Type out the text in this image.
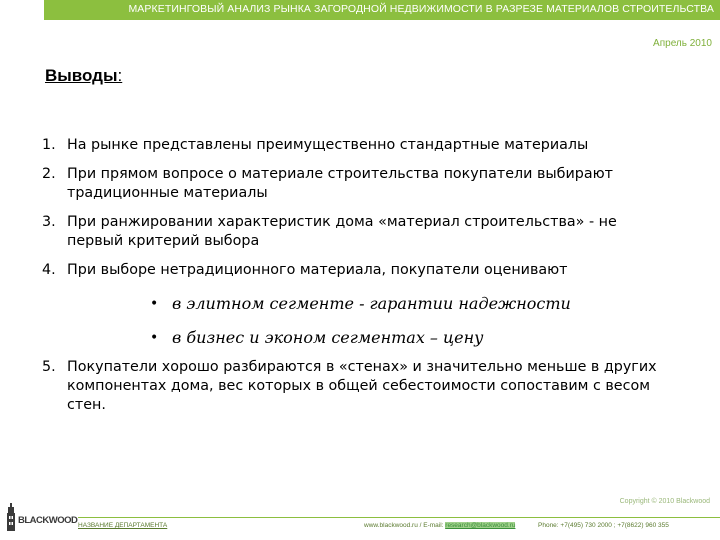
МАРКЕТИНГОВЫЙ АНАЛИЗ РЫНКА ЗАГОРОДНОЙ НЕДВИЖИМОСТИ В РАЗРЕЗЕ МАТЕРИАЛОВ СТРОИТЕЛЬСТВА
Апрель 2010
Выводы:
1. На рынке представлены преимущественно стандартные материалы
2. При прямом вопросе о материале строительства покупатели выбирают традиционные материалы
3. При ранжировании характеристик дома «материал строительства» - не первый критерий выбора
4. При выборе нетрадиционного материала, покупатели оценивают
• в элитном сегменте - гарантии надежности
• в бизнес и эконом сегментах – цену
5. Покупатели хорошо разбираются в «стенах» и значительно меньше в других компонентах дома, вес которых в общей себестоимости сопоставим с весом стен.
Copyright © 2010 Blackwood
BLACKWOOD НАЗВАНИЕ ДЕПАРТАМЕНТА	www.blackwood.ru / E-mail: research@blackwood.ru	Phone: +7(495) 730 2000 ; +7(8622) 960 355
